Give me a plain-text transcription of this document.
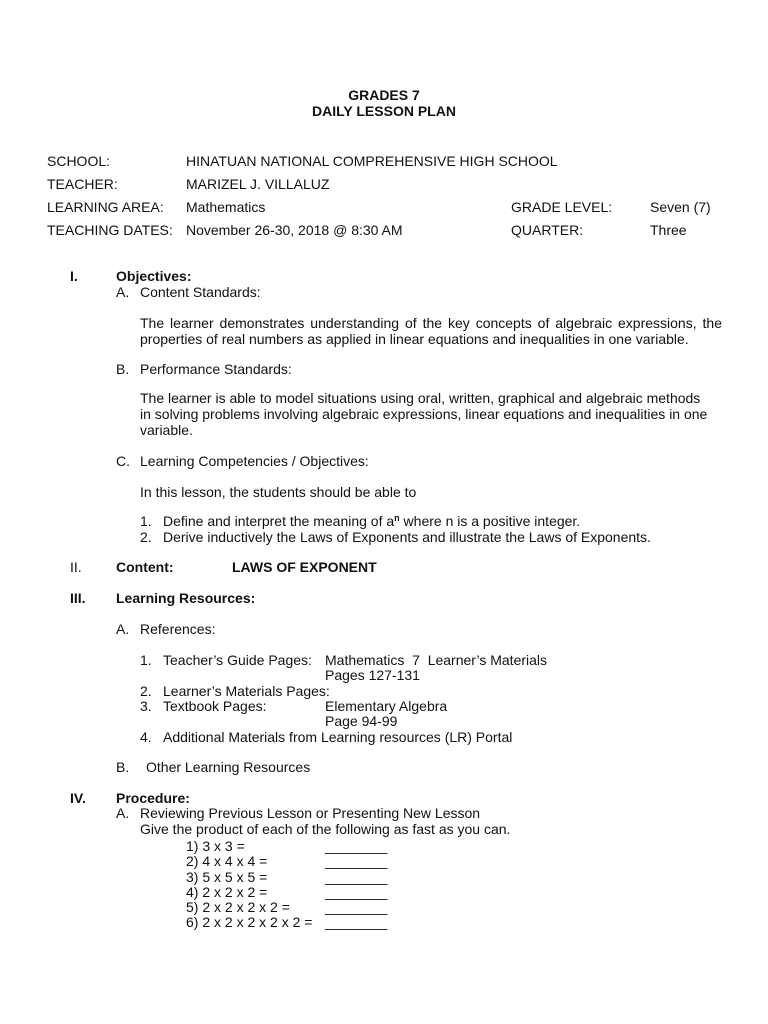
GRADES 7
DAILY LESSON PLAN
SCHOOL:	HINATUAN NATIONAL COMPREHENSIVE HIGH SCHOOL
TEACHER:	MARIZEL J. VILLALUZ
LEARNING AREA: Mathematics	GRADE LEVEL:	Seven (7)
TEACHING DATES: November 26-30, 2018 @ 8:30 AM	QUARTER:	Three
I.	Objectives:
A. Content Standards:
The learner demonstrates understanding of the key concepts of algebraic expressions, the
properties of real numbers as applied in linear equations and inequalities in one variable.
B. Performance Standards:
The learner is able to model situations using oral, written, graphical and algebraic methods
in solving problems involving algebraic expressions, linear equations and inequalities in one
variable.
C. Learning Competencies / Objectives:
In this lesson, the students should be able to
1. Define and interpret the meaning of $a^n$ where n is a positive integer.
2. Derive inductively the Laws of Exponents and illustrate the Laws of Exponents.
II. Content:	LAWS OF EXPONENT
III. Learning Resources:
A. References:
1. Teacher’s Guide Pages: Mathematics  7  Learner’s Materials
Pages 127-131
2. Learner’s Materials Pages:
3. Textbook Pages:	Elementary Algebra
Page 94-99
4. Additional Materials from Learning resources (LR) Portal
B. Other Learning Resources
IV. Procedure:
A. Reviewing Previous Lesson or Presenting New Lesson
Give the product of each of the following as fast as you can.
1) 3 x 3 =	________
2) 4 x 4 x 4 =	________
3) 5 x 5 x 5 =	________
4) 2 x 2 x 2 =	________
5) 2 x 2 x 2 x 2 =	________
6) 2 x 2 x 2 x 2 x 2 = ________
